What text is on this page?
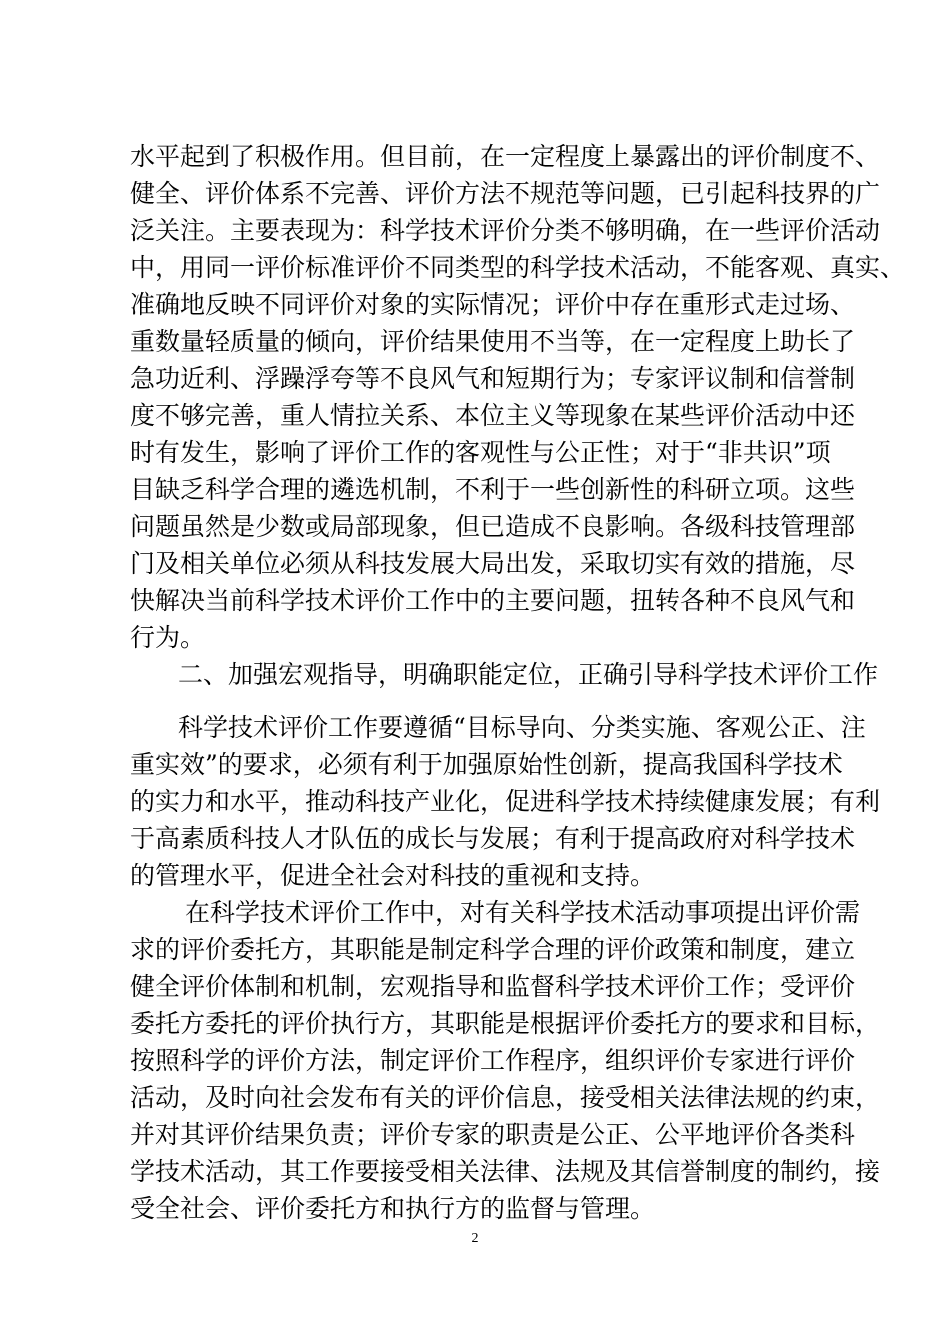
水平起到了积极作用。但目前，在一定程度上暴露出的评价制度不、

健全、评价体系不完善、评价方法不规范等问题，已引起科技界的广

泛关注。主要表现为：科学技术评价分类不够明确，在一些评价活动

中，用同一评价标准评价不同类型的科学技术活动，不能客观、真实、

准确地反映不同评价对象的实际情况；评价中存在重形式走过场、

重数量轻质量的倾向，评价结果使用不当等，在一定程度上助长了

急功近利、浮躁浮夸等不良风气和短期行为；专家评议制和信誉制

度不够完善，重人情拉关系、本位主义等现象在某些评价活动中还

时有发生，影响了评价工作的客观性与公正性；对于“非共识”项

目缺乏科学合理的遴选机制，不利于一些创新性的科研立项。这些

问题虽然是少数或局部现象，但已造成不良影响。各级科技管理部

门及相关单位必须从科技发展大局出发，采取切实有效的措施，尽

快解决当前科学技术评价工作中的主要问题，扭转各种不良风气和

行为。

二、加强宏观指导，明确职能定位，正确引导科学技术评价工作

科学技术评价工作要遵循“目标导向、分类实施、客观公正、注

重实效”的要求，必须有利于加强原始性创新，提高我国科学技术

的实力和水平，推动科技产业化，促进科学技术持续健康发展；有利

于高素质科技人才队伍的成长与发展；有利于提高政府对科学技术

的管理水平，促进全社会对科技的重视和支持。

在科学技术评价工作中，对有关科学技术活动事项提出评价需

求的评价委托方，其职能是制定科学合理的评价政策和制度，建立

健全评价体制和机制，宏观指导和监督科学技术评价工作；受评价

委托方委托的评价执行方，其职能是根据评价委托方的要求和目标，

按照科学的评价方法，制定评价工作程序，组织评价专家进行评价

活动，及时向社会发布有关的评价信息，接受相关法律法规的约束，

并对其评价结果负责；评价专家的职责是公正、公平地评价各类科

学技术活动，其工作要接受相关法律、法规及其信誉制度的制约，接

受全社会、评价委托方和执行方的监督与管理。

2
